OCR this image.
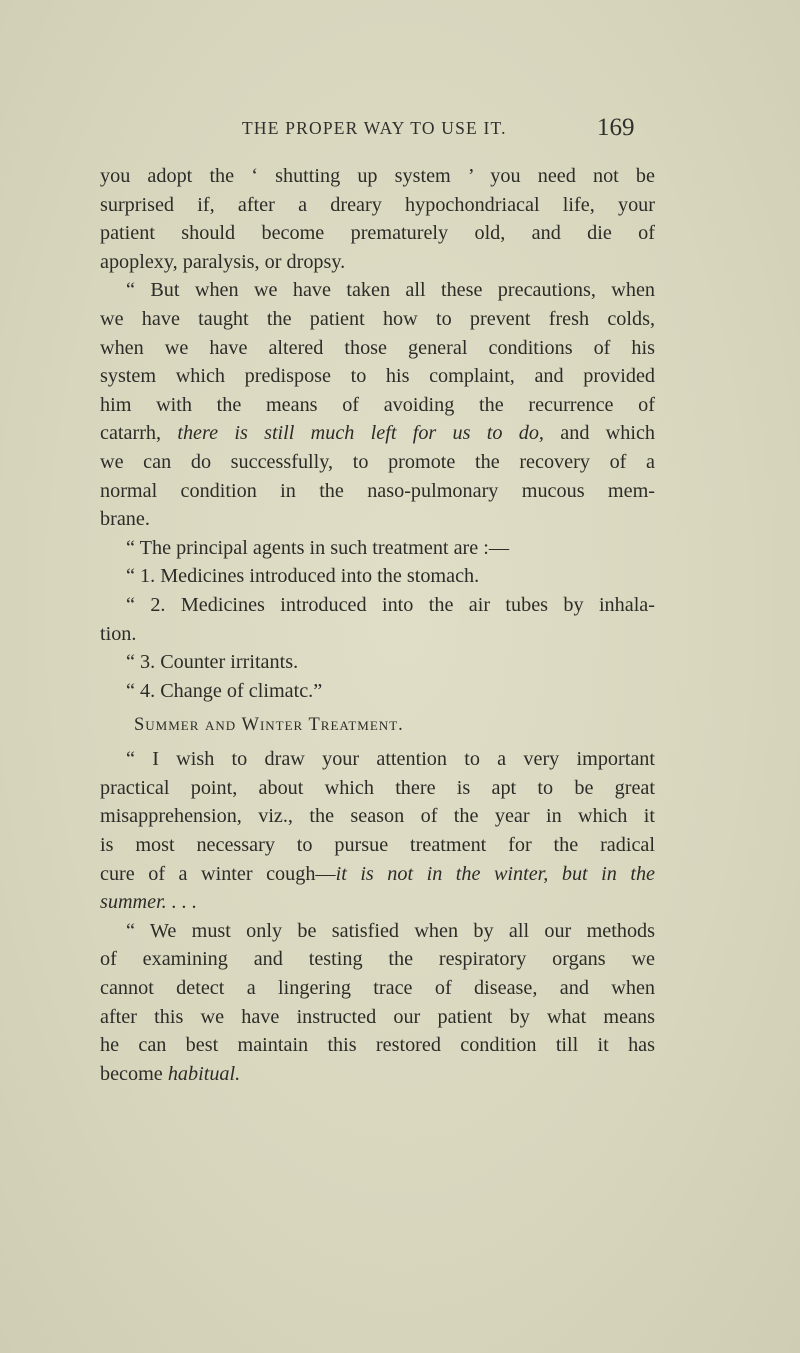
THE PROPER WAY TO USE IT.	169
you adopt the ‘ shutting up system ’ you need not be
surprised if, after a dreary hypochondriacal life, your
patient should become prematurely old, and die of
apoplexy, paralysis, or dropsy.
“ But when we have taken all these precautions, when
we have taught the patient how to prevent fresh colds,
when we have altered those general conditions of his
system which predispose to his complaint, and provided
him with the means of avoiding the recurrence of
catarrh, there is still much left for us to do, and which
we can do successfully, to promote the recovery of a
normal condition in the naso-pulmonary mucous mem-
brane.
“ The principal agents in such treatment are :—
“ 1. Medicines introduced into the stomach.
“ 2. Medicines introduced into the air tubes by inhala-
tion.
“ 3. Counter irritants.
“ 4. Change of climatc.”
Summer and Winter Treatment.
“ I wish to draw your attention to a very important
practical point, about which there is apt to be great
misapprehension, viz., the season of the year in which it
is most necessary to pursue treatment for the radical
cure of a winter cough—it is not in the winter, but in the
summer. . . .
“ We must only be satisfied when by all our methods
of examining and testing the respiratory organs we
cannot detect a lingering trace of disease, and when
after this we have instructed our patient by what means
he can best maintain this restored condition till it has
become habitual.
